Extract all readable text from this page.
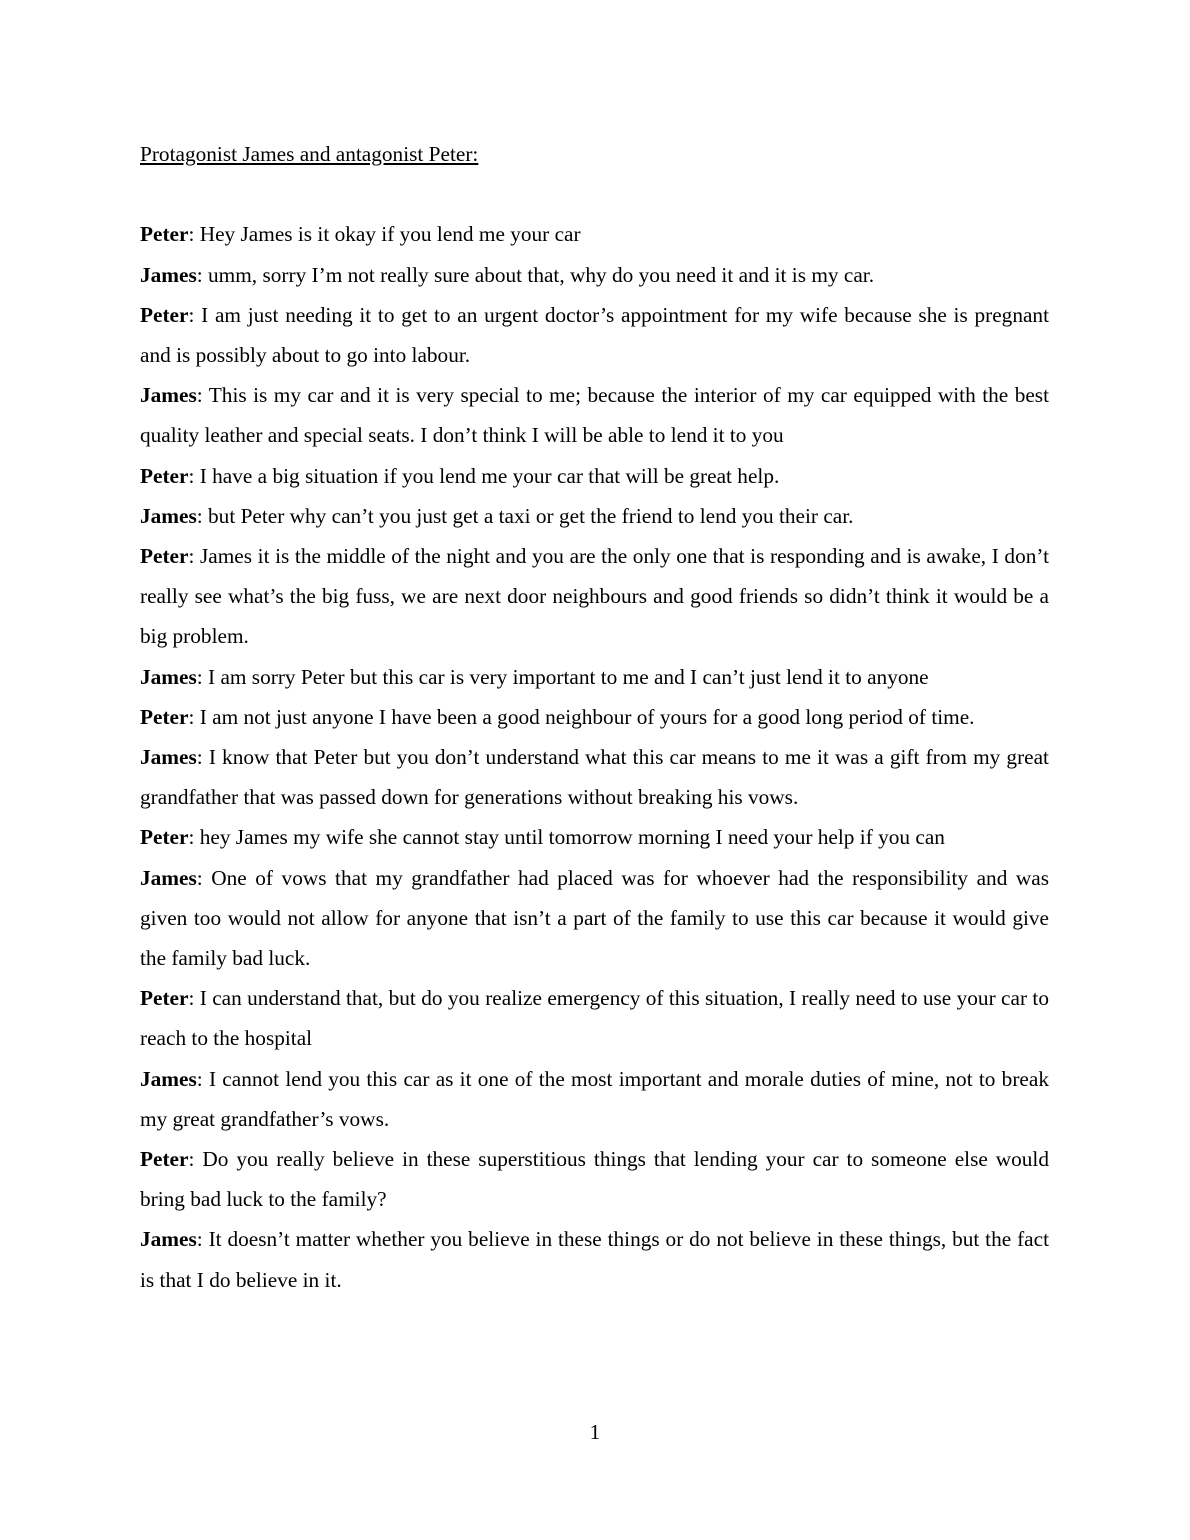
Protagonist James and antagonist Peter:

Peter: Hey James is it okay if you lend me your car

James: umm, sorry I’m not really sure about that, why do you need it and it is my car.

Peter: I am just needing it to get to an urgent doctor’s appointment for my wife because she is pregnant and is possibly about to go into labour.

James: This is my car and it is very special to me; because the interior of my car equipped with the best quality leather and special seats. I don’t think I will be able to lend it to you

Peter: I have a big situation if you lend me your car that will be great help.

James: but Peter why can’t you just get a taxi or get the friend to lend you their car.

Peter: James it is the middle of the night and you are the only one that is responding and is awake, I don’t really see what’s the big fuss, we are next door neighbours and good friends so didn’t think it would be a big problem.

James: I am sorry Peter but this car is very important to me and I can’t just lend it to anyone

Peter: I am not just anyone I have been a good neighbour of yours for a good long period of time.

James: I know that Peter but you don’t understand what this car means to me it was a gift from my great grandfather that was passed down for generations without breaking his vows.

Peter: hey James my wife she cannot stay until tomorrow morning I need your help if you can

James: One of vows that my grandfather had placed was for whoever had the responsibility and was given too would not allow for anyone that isn’t a part of the family to use this car because it would give the family bad luck.

Peter: I can understand that, but do you realize emergency of this situation, I really need to use your car to reach to the hospital

James: I cannot lend you this car as it one of the most important and morale duties of mine, not to break my great grandfather’s vows.

Peter: Do you really believe in these superstitious things that lending your car to someone else would bring bad luck to the family?

James: It doesn’t matter whether you believe in these things or do not believe in these things, but the fact is that I do believe in it.

1
